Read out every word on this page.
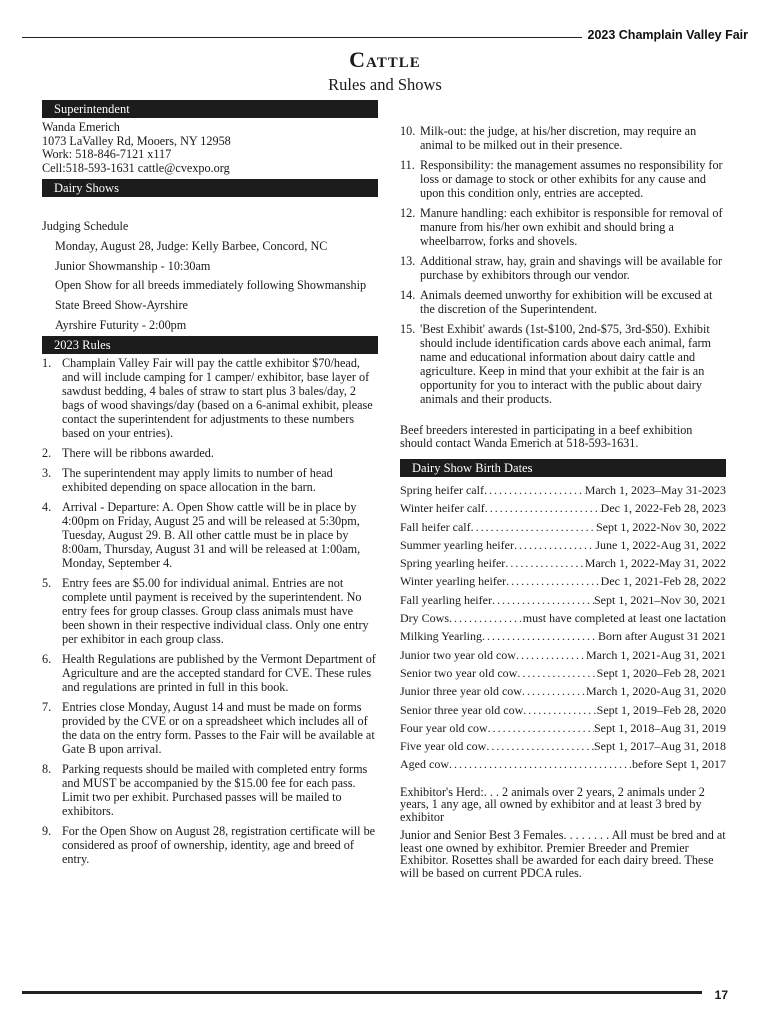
2023 Champlain Valley Fair
Cattle
Rules and Shows
Superintendent
Wanda Emerich
1073 LaValley Rd, Mooers, NY 12958
Work: 518-846-7121 x117
Cell:518-593-1631 cattle@cvexpo.org
Dairy Shows
Judging Schedule
Monday, August 28, Judge: Kelly Barbee, Concord, NC
Junior Showmanship - 10:30am
Open Show for all breeds immediately following Showmanship
State Breed Show-Ayrshire
Ayrshire Futurity - 2:00pm
2023 Rules
1. Champlain Valley Fair will pay the cattle exhibitor $70/head, and will include camping for 1 camper/ exhibitor, base layer of sawdust bedding, 4 bales of straw to start plus 3 bales/day, 2 bags of wood shavings/day (based on a 6-animal exhibit, please contact the superintendent for adjustments to these numbers based on your entries).
2. There will be ribbons awarded.
3. The superintendent may apply limits to number of head exhibited depending on space allocation in the barn.
4. Arrival - Departure: A. Open Show cattle will be in place by 4:00pm on Friday, August 25 and will be released at 5:30pm, Tuesday, August 29. B. All other cattle must be in place by 8:00am, Thursday, August 31 and will be released at 1:00am, Monday, September 4.
5. Entry fees are $5.00 for individual animal. Entries are not complete until payment is received by the superintendent. No entry fees for group classes. Group class animals must have been shown in their respective individual class. Only one entry per exhibitor in each group class.
6. Health Regulations are published by the Vermont Department of Agriculture and are the accepted standard for CVE. These rules and regulations are printed in full in this book.
7. Entries close Monday, August 14 and must be made on forms provided by the CVE or on a spreadsheet which includes all of the data on the entry form. Passes to the Fair will be available at Gate B upon arrival.
8. Parking requests should be mailed with completed entry forms and MUST be accompanied by the $15.00 fee for each pass. Limit two per exhibit. Purchased passes will be mailed to exhibitors.
9. For the Open Show on August 28, registration certificate will be considered as proof of ownership, identity, age and breed of entry.
10. Milk-out: the judge, at his/her discretion, may require an animal to be milked out in their presence.
11. Responsibility: the management assumes no responsibility for loss or damage to stock or other exhibits for any cause and upon this condition only, entries are accepted.
12. Manure handling: each exhibitor is responsible for removal of manure from his/her own exhibit and should bring a wheelbarrow, forks and shovels.
13. Additional straw, hay, grain and shavings will be available for purchase by exhibitors through our vendor.
14. Animals deemed unworthy for exhibition will be excused at the discretion of the Superintendent.
15. 'Best Exhibit' awards (1st-$100, 2nd-$75, 3rd-$50). Exhibit should include identification cards above each animal, farm name and educational information about dairy cattle and agriculture. Keep in mind that your exhibit at the fair is an opportunity for you to interact with the public about dairy animals and their products.

Beef breeders interested in participating in a beef exhibition should contact Wanda Emerich at 518-593-1631.

Dairy Show Birth Dates
Spring heifer calf . . .	March 1, 2023–May 31-2023
Winter heifer calf . . .	Dec 1, 2022-Feb 28, 2023
Fall heifer calf . . .	Sept 1, 2022-Nov 30, 2022
Summer yearling heifer . . .	June 1, 2022-Aug 31, 2022
Spring yearling heifer . . .	March 1, 2022-May 31, 2022
Winter yearling heifer . . .	Dec 1, 2021-Feb 28, 2022
Fall yearling heifer . . .	Sept 1, 2021–Nov 30, 2021
Dry Cows . . .	must have completed at least one lactation
Milking Yearling . . .	Born after August 31 2021
Junior two year old cow . . .	March 1, 2021-Aug 31, 2021
Senior two year old cow . . .	Sept 1, 2020–Feb 28, 2021
Junior three year old cow . . .	March 1, 2020-Aug 31, 2020
Senior three year old cow . . .	Sept 1, 2019–Feb 28, 2020
Four year old cow . . .	Sept 1, 2018–Aug 31, 2019
Five year old cow . . .	Sept 1, 2017–Aug 31, 2018
Aged cow . . .	before Sept 1, 2017

Exhibitor's Herd:. . . 2 animals over 2 years, 2 animals under 2 years, 1 any age, all owned by exhibitor and at least 3 bred by exhibitor

Junior and Senior Best 3 Females. . . . . . . . All must be bred and at least one owned by exhibitor. Premier Breeder and Premier Exhibitor. Rosettes shall be awarded for each dairy breed. These will be based on current PDCA rules.

17
